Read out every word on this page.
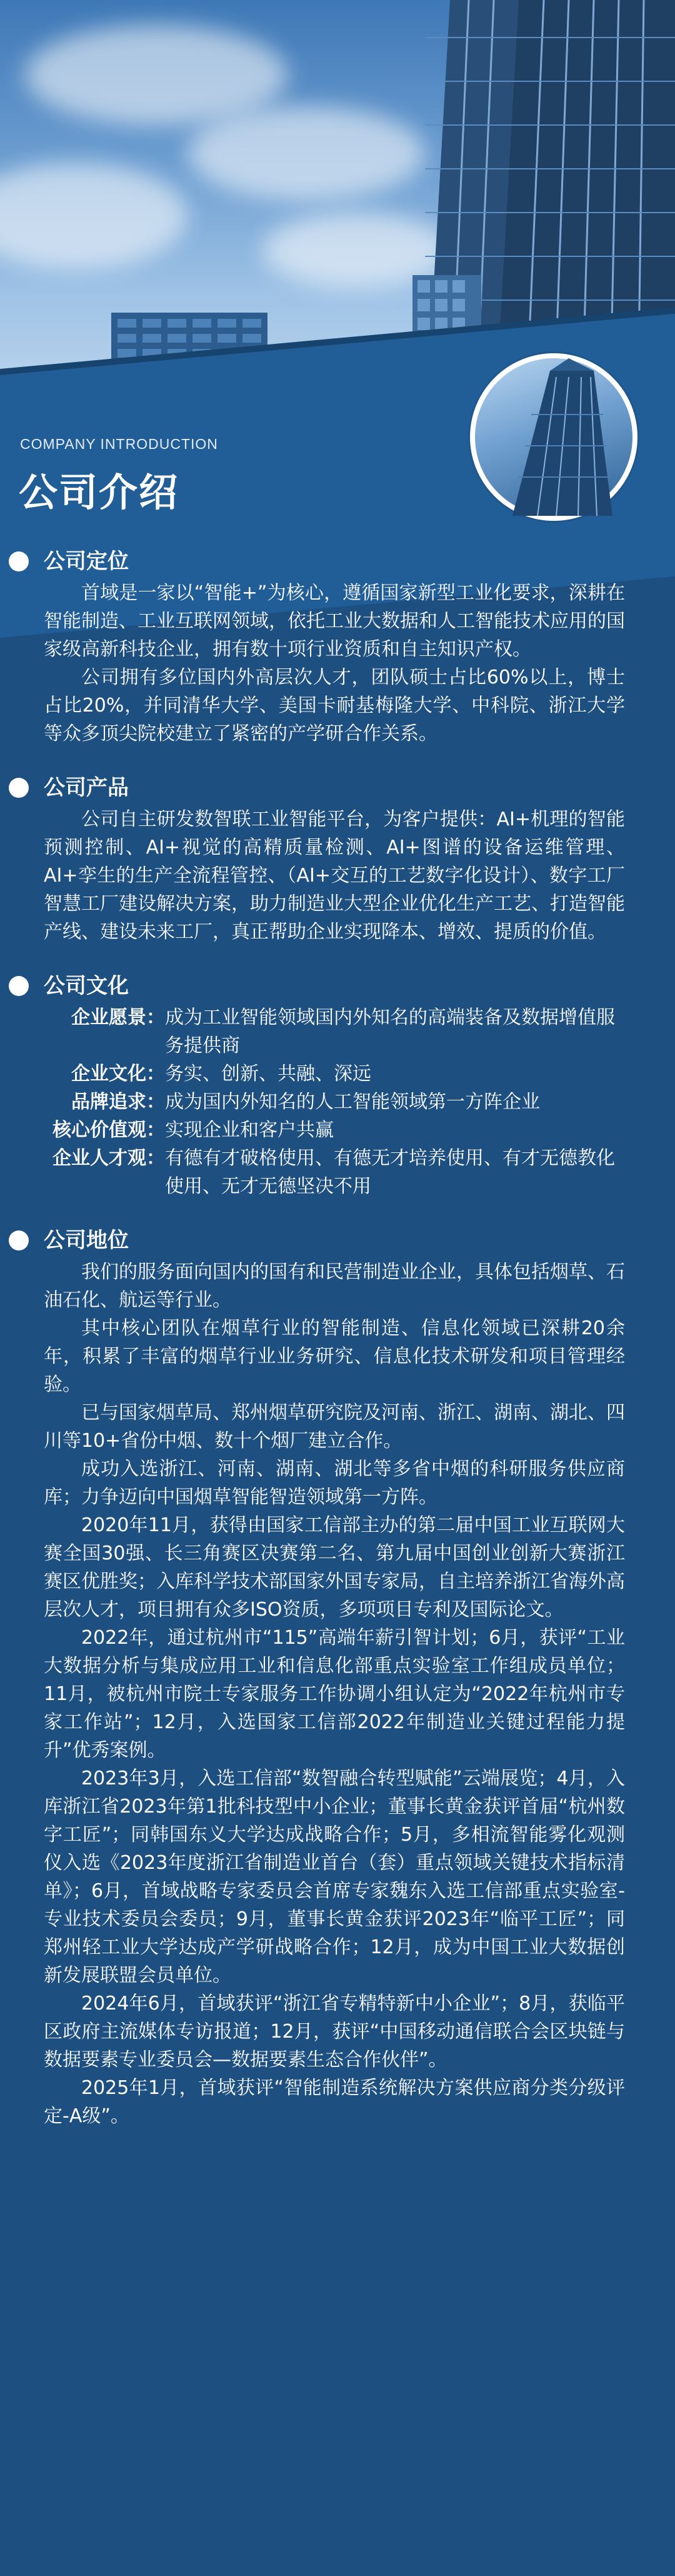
COMPANY INTRODUCTION
公司介绍
公司定位

首域是一家以“智能+”为核心，遵循国家新型工业化要求，深耕在智能制造、工业互联网领域，依托工业大数据和人工智能技术应用的国家级高新科技企业，拥有数十项行业资质和自主知识产权。

公司拥有多位国内外高层次人才，团队硕士占比60%以上，博士占比20%，并同清华大学、美国卡耐基梅隆大学、中科院、浙江大学等众多顶尖院校建立了紧密的产学研合作关系。

公司产品

公司自主研发数智联工业智能平台，为客户提供：AI+机理的智能预测控制、AI+视觉的高精质量检测、AI+图谱的设备运维管理、AI+孪生的生产全流程管控、（AI+交互的工艺数字化设计）、数字工厂智慧工厂建设解决方案，助力制造业大型企业优化生产工艺、打造智能产线、建设未来工厂，真正帮助企业实现降本、增效、提质的价值。

公司文化
企业愿景： 成为工业智能领域国内外知名的高端装备及数据增值服务提供商
企业文化： 务实、创新、共融、深远
品牌追求： 成为国内外知名的人工智能领域第一方阵企业
核心价值观： 实现企业和客户共赢
企业人才观： 有德有才破格使用、有德无才培养使用、有才无德教化使用、无才无德坚决不用
公司地位

我们的服务面向国内的国有和民营制造业企业，具体包括烟草、石油石化、航运等行业。

其中核心团队在烟草行业的智能制造、信息化领域已深耕20余年，积累了丰富的烟草行业业务研究、信息化技术研发和项目管理经验。

已与国家烟草局、郑州烟草研究院及河南、浙江、湖南、湖北、四川等10+省份中烟、数十个烟厂建立合作。

成功入选浙江、河南、湖南、湖北等多省中烟的科研服务供应商库；力争迈向中国烟草智能智造领域第一方阵。

2020年11月，获得由国家工信部主办的第二届中国工业互联网大赛全国30强、长三角赛区决赛第二名、第九届中国创业创新大赛浙江赛区优胜奖；入库科学技术部国家外国专家局，自主培养浙江省海外高层次人才，项目拥有众多ISO资质，多项项目专利及国际论文。

2022年，通过杭州市“115”高端年薪引智计划；6月，获评“工业大数据分析与集成应用工业和信息化部重点实验室工作组成员单位；11月，被杭州市院士专家服务工作协调小组认定为“2022年杭州市专家工作站”；12月，入选国家工信部2022年制造业关键过程能力提升”优秀案例。

2023年3月，入选工信部“数智融合转型赋能”云端展览；4月，入库浙江省2023年第1批科技型中小企业；董事长黄金获评首届“杭州数字工匠”；同韩国东义大学达成战略合作；5月，多相流智能雾化观测仪入选《2023年度浙江省制造业首台（套）重点领域关键技术指标清单》；6月，首域战略专家委员会首席专家魏东入选工信部重点实验室-专业技术委员会委员；9月，董事长黄金获评2023年“临平工匠”；同郑州轻工业大学达成产学研战略合作；12月，成为中国工业大数据创新发展联盟会员单位。

2024年6月，首域获评“浙江省专精特新中小企业”；8月，获临平区政府主流媒体专访报道；12月，获评“中国移动通信联合会区块链与数据要素专业委员会—数据要素生态合作伙伴”。

2025年1月，首域获评“智能制造系统解决方案供应商分类分级评定-A级”。
